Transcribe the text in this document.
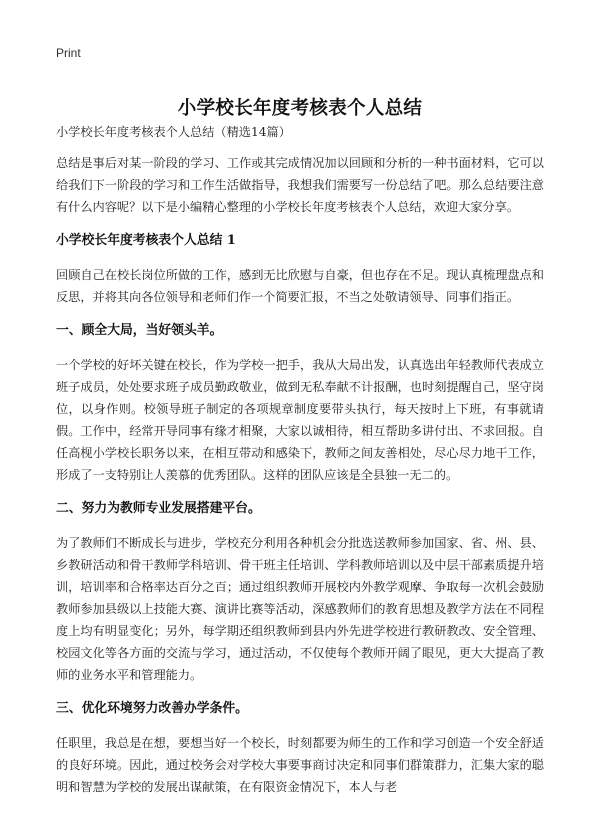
Print
小学校长年度考核表个人总结

小学校长年度考核表个人总结（精选14篇）

总结是事后对某一阶段的学习、工作或其完成情况加以回顾和分析的一种书面材料，它可以给我们下一阶段的学习和工作生活做指导，我想我们需要写一份总结了吧。那么总结要注意有什么内容呢？以下是小编精心整理的小学校长年度考核表个人总结，欢迎大家分享。

小学校长年度考核表个人总结 1

回顾自己在校长岗位所做的工作，感到无比欣慰与自豪，但也存在不足。现认真梳理盘点和反思，并将其向各位领导和老师们作一个简要汇报，不当之处敬请领导、同事们指正。

一、顾全大局，当好领头羊。

一个学校的好坏关键在校长，作为学校一把手，我从大局出发，认真选出年轻教师代表成立班子成员，处处要求班子成员勤政敬业，做到无私奉献不计报酬，也时刻提醒自己，坚守岗位，以身作则。校领导班子制定的各项规章制度要带头执行，每天按时上下班，有事就请假。工作中，经常开导同事有缘才相聚，大家以诚相待，相互帮助多讲付出、不求回报。自任高枧小学校长职务以来，在相互带动和感染下，教师之间友善相处，尽心尽力地干工作，形成了一支特别让人羡慕的优秀团队。这样的团队应该是全县独一无二的。

二、努力为教师专业发展搭建平台。

为了教师们不断成长与进步，学校充分利用各种机会分批选送教师参加国家、省、州、县、乡教研活动和骨干教师学科培训、骨干班主任培训、学科教师培训以及中层干部素质提升培训，培训率和合格率达百分之百；通过组织教师开展校内外教学观摩、争取每一次机会鼓励教师参加县级以上技能大赛、演讲比赛等活动，深感教师们的教育思想及教学方法在不同程度上均有明显变化；另外，每学期还组织教师到县内外先进学校进行教研教改、安全管理、校园文化等各方面的交流与学习，通过活动，不仅使每个教师开阔了眼见，更大大提高了教师的业务水平和管理能力。

三、优化环境努力改善办学条件。

任职里，我总是在想，要想当好一个校长，时刻都要为师生的工作和学习创造一个安全舒适的良好环境。因此，通过校务会对学校大事要事商讨决定和同事们群策群力，汇集大家的聪明和智慧为学校的发展出谋献策，在有限资金情况下，本人与老
